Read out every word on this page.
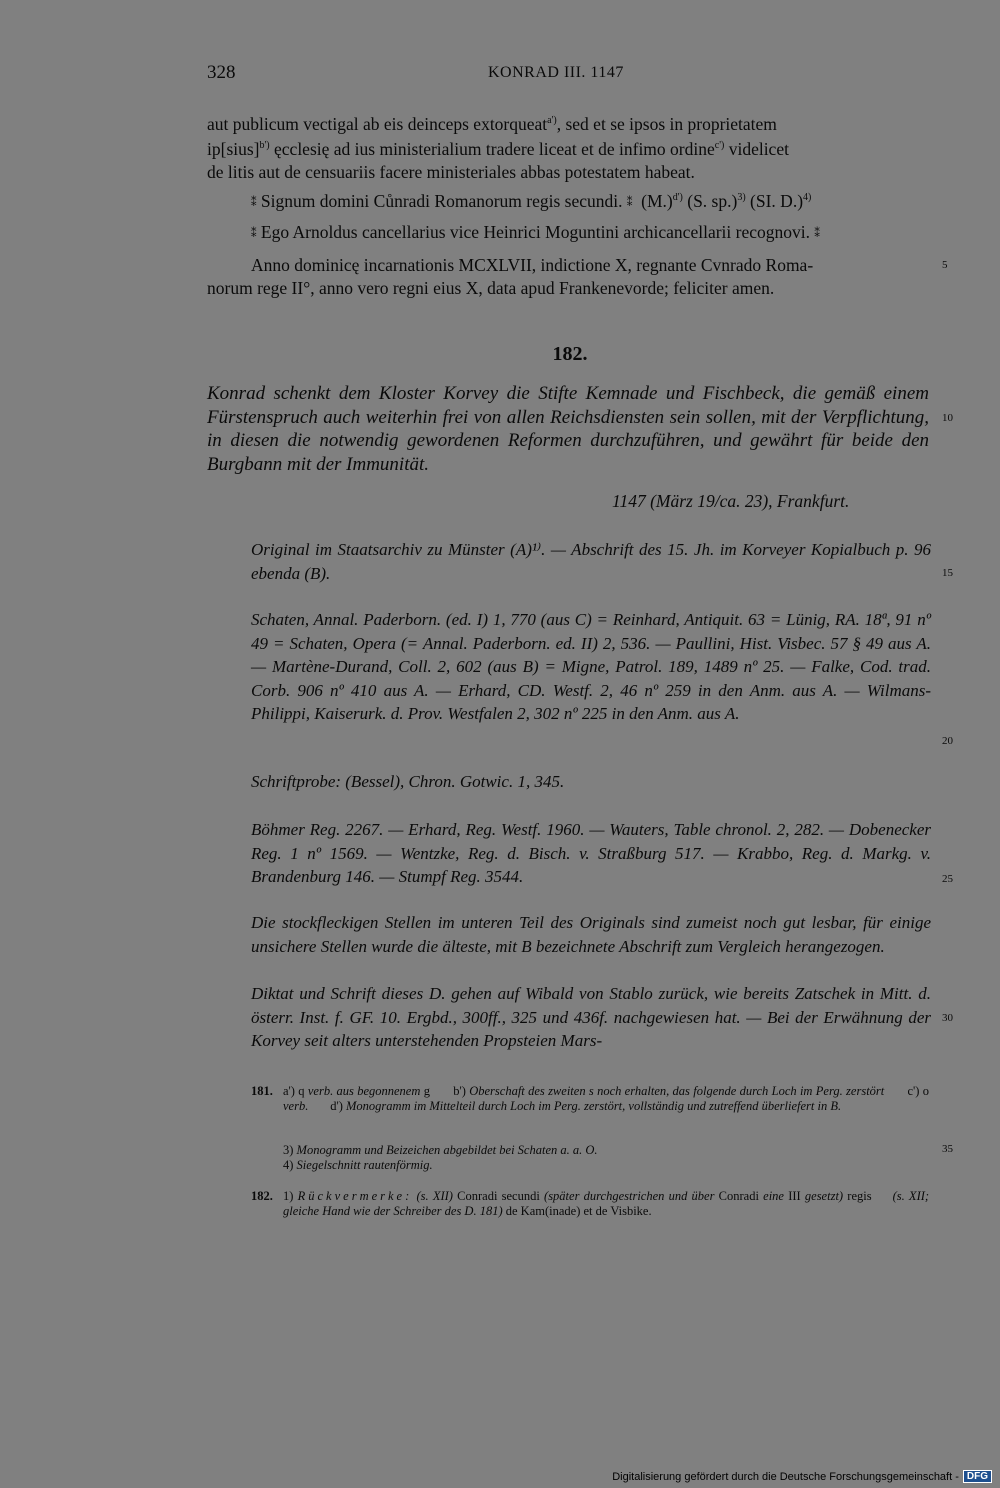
328	KONRAD III. 1147
aut publicum vectigal ab eis deinceps extorqueat$^{a')}$, sed et se ipsos in proprietatem
ip[sius]$^{b')}$ ęcclesię ad ius ministerialium tradere liceat et de infimo ordine$^{c')}$ videlicet
de litis aut de censuariis facere ministeriales abbas potestatem habeat.
⁑ Signum domini Cůnradi Romanorum regis secundi. ⁑ $(M.)^{d')}$ (S. sp.)$^{3)}$ (SI. D.)$^{4)}$
⁑ Ego Arnoldus cancellarius vice Heinrici Moguntini archicancellarii recognovi. ⁑
Anno dominicę incarnationis MCXLVII, indictione X, regnante Cvnrado Roma-
norum rege II°, anno vero regni eius X, data apud Frankenevorde; feliciter amen.
182.
Konrad schenkt dem Kloster Korvey die Stifte Kemnade und Fischbeck, die gemäß einem Fürstenspruch auch weiterhin frei von allen Reichsdiensten sein sollen, mit der Verpflichtung, in diesen die notwendig gewordenen Reformen durchzuführen, und gewährt für beide den Burgbann mit der Immunität.
1147 (März 19/ca. 23), Frankfurt.
Original im Staatsarchiv zu Münster (A)¹⁾. — Abschrift des 15. Jh. im Korveyer Kopialbuch p. 96 ebenda (B).
Schaten, Annal. Paderborn. (ed. I) 1, 770 (aus C) = Reinhard, Antiquit. 63 = Lünig, RA. 18ª, 91 nº 49 = Schaten, Opera (= Annal. Paderborn. ed. II) 2, 536. — Paullini, Hist. Visbec. 57 § 49 aus A. — Martène-Durand, Coll. 2, 602 (aus B) = Migne, Patrol. 189, 1489 nº 25. — Falke, Cod. trad. Corb. 906 nº 410 aus A. — Erhard, CD. Westf. 2, 46 nº 259 in den Anm. aus A. — Wilmans-Philippi, Kaiserurk. d. Prov. Westfalen 2, 302 nº 225 in den Anm. aus A.
Schriftprobe: (Bessel), Chron. Gotwic. 1, 345.
Böhmer Reg. 2267. — Erhard, Reg. Westf. 1960. — Wauters, Table chronol. 2, 282. — Dobenecker Reg. 1 nº 1569. — Wentzke, Reg. d. Bisch. v. Straßburg 517. — Krabbo, Reg. d. Markg. v. Brandenburg 146. — Stumpf Reg. 3544.
Die stockfleckigen Stellen im unteren Teil des Originals sind zumeist noch gut lesbar, für einige unsichere Stellen wurde die älteste, mit B bezeichnete Abschrift zum Vergleich herangezogen.
Diktat und Schrift dieses D. gehen auf Wibald von Stablo zurück, wie bereits Zatschek in Mitt. d. österr. Inst. f. GF. 10. Ergbd., 300ff., 325 und 436f. nachgewiesen hat. — Bei der Erwähnung der Korvey seit alters unterstehenden Propsteien Mars-
5
10
15
20
25
30
35
181. a') q verb. aus begonnenem g b') Oberschaft des zweiten s noch erhalten, das folgende durch Loch im Perg. zerstört c') o verb. d') Monogramm im Mittelteil durch Loch im Perg. zerstört, vollständig und zutreffend überliefert in B.
3) Monogramm und Beizeichen abgebildet bei Schaten a. a. O.
4) Siegelschnitt rautenförmig.
182. 1) Rückvermerke: (s. XII) Conradi secundi (später durchgestrichen und über Conradi eine III gesetzt) regis (s. XII; gleiche Hand wie der Schreiber des D. 181) de Kam(inade) et de Visbike.
Digitalisierung gefördert durch die Deutsche Forschungsgemeinschaft - DFG
